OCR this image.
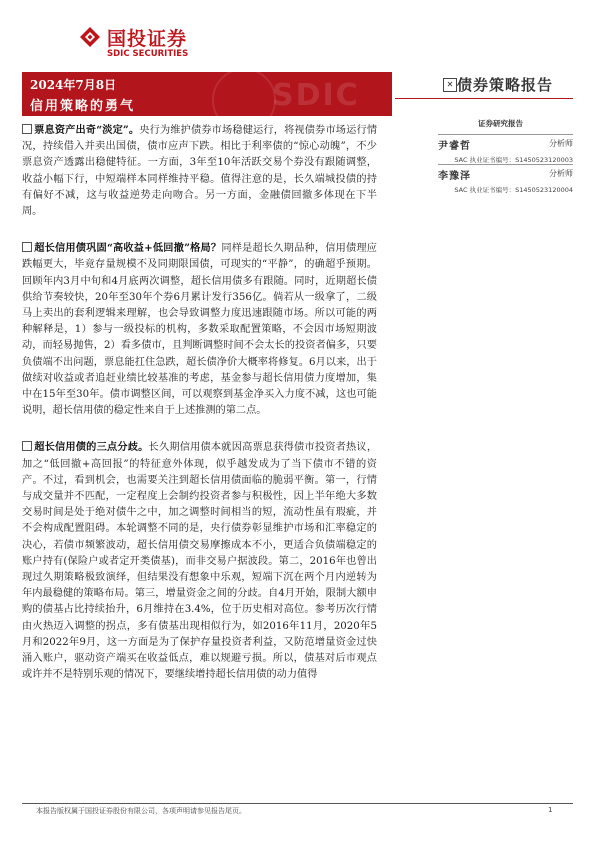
国投证券
SDIC SECURITIES
SDIC
2024年7月8日
信用策略的勇气
✕ 债券策略报告
证券研究报告
尹睿哲	分析师
SAC 执业证书编号：S1450523120003
李豫泽	分析师
SAC 执业证书编号：S1450523120004

票息资产出奇“淡定”。央行为维护债券市场稳健运行，将视债券市场运行情况，持续借入并卖出国债，债市应声下跌。相比于利率债的“惊心动魄”，不少票息资产透露出稳健特征。一方面，3年至10年活跃交易个券没有跟随调整，收益小幅下行，中短端样本同样维持平稳。值得注意的是，长久端城投债的持有偏好不减，这与收益逆势走向吻合。另一方面，金融债回撤多体现在下半周。

超长信用债巩固“高收益+低回撤”格局？同样是超长久期品种，信用债理应跌幅更大，毕竟存量规模不及同期限国债，可现实的“平静”，的确超乎预期。回顾年内3月中旬和4月底两次调整，超长信用债多有跟随。同时，近期超长债供给节奏较快，20年至30年个券6月累计发行356亿。倘若从一级拿了，二级马上卖出的套利逻辑来理解，也会导致调整力度迅速跟随市场。所以可能的两种解释是，1）参与一级投标的机构，多数采取配置策略，不会因市场短期波动，而轻易抛售，2）看多债市，且判断调整时间不会太长的投资者偏多，只要负债端不出问题，票息能扛住急跌，超长债净价大概率将修复。6月以来，出于做续对收益或者追赶业绩比较基准的考虑，基金参与超长信用债力度增加，集中在15年至30年。债市调整区间，可以观察到基金净买入力度不减，这也可能说明，超长信用债的稳定性来自于上述推测的第二点。

超长信用债的三点分歧。长久期信用债本就因高票息获得债市投资者热议，加之“低回撤+高回报”的特征意外体现，似乎越发成为了当下债市不错的资产。不过，看到机会，也需要关注到超长信用债面临的脆弱平衡。第一，行情与成交量并不匹配，一定程度上会制约投资者参与积极性，因上半年绝大多数交易时间是处于绝对债牛之中，加之调整时间相当的短，流动性虽有瑕疵，并不会构成配置阻碍。本轮调整不同的是，央行债券彰显维护市场和汇率稳定的决心，若债市频繁波动，超长信用债交易摩擦成本不小，更适合负债端稳定的账户持有(保险户或者定开类债基)，而非交易户据波段。第二，2016年也曾出现过久期策略极致演绎，但结果没有想象中乐观，短端下沉在两个月内逆转为年内最稳健的策略布局。第三，增量资金之间的分歧。自4月开始，限制大额申购的债基占比持续抬升，6月维持在3.4%，位于历史相对高位。参考历次行情由火热迈入调整的拐点，多有债基出现相似行为，如2016年11月，2020年5月和2022年9月，这一方面是为了保护存量投资者利益，又防范增量资金过快涌入账户，驱动资产端买在收益低点，难以规避亏损。所以，债基对后市观点或许并不是特别乐观的情况下，要继续增持超长信用债的动力值得

本报告版权属于国投证券股份有限公司，各项声明请参见报告尾页。	1
